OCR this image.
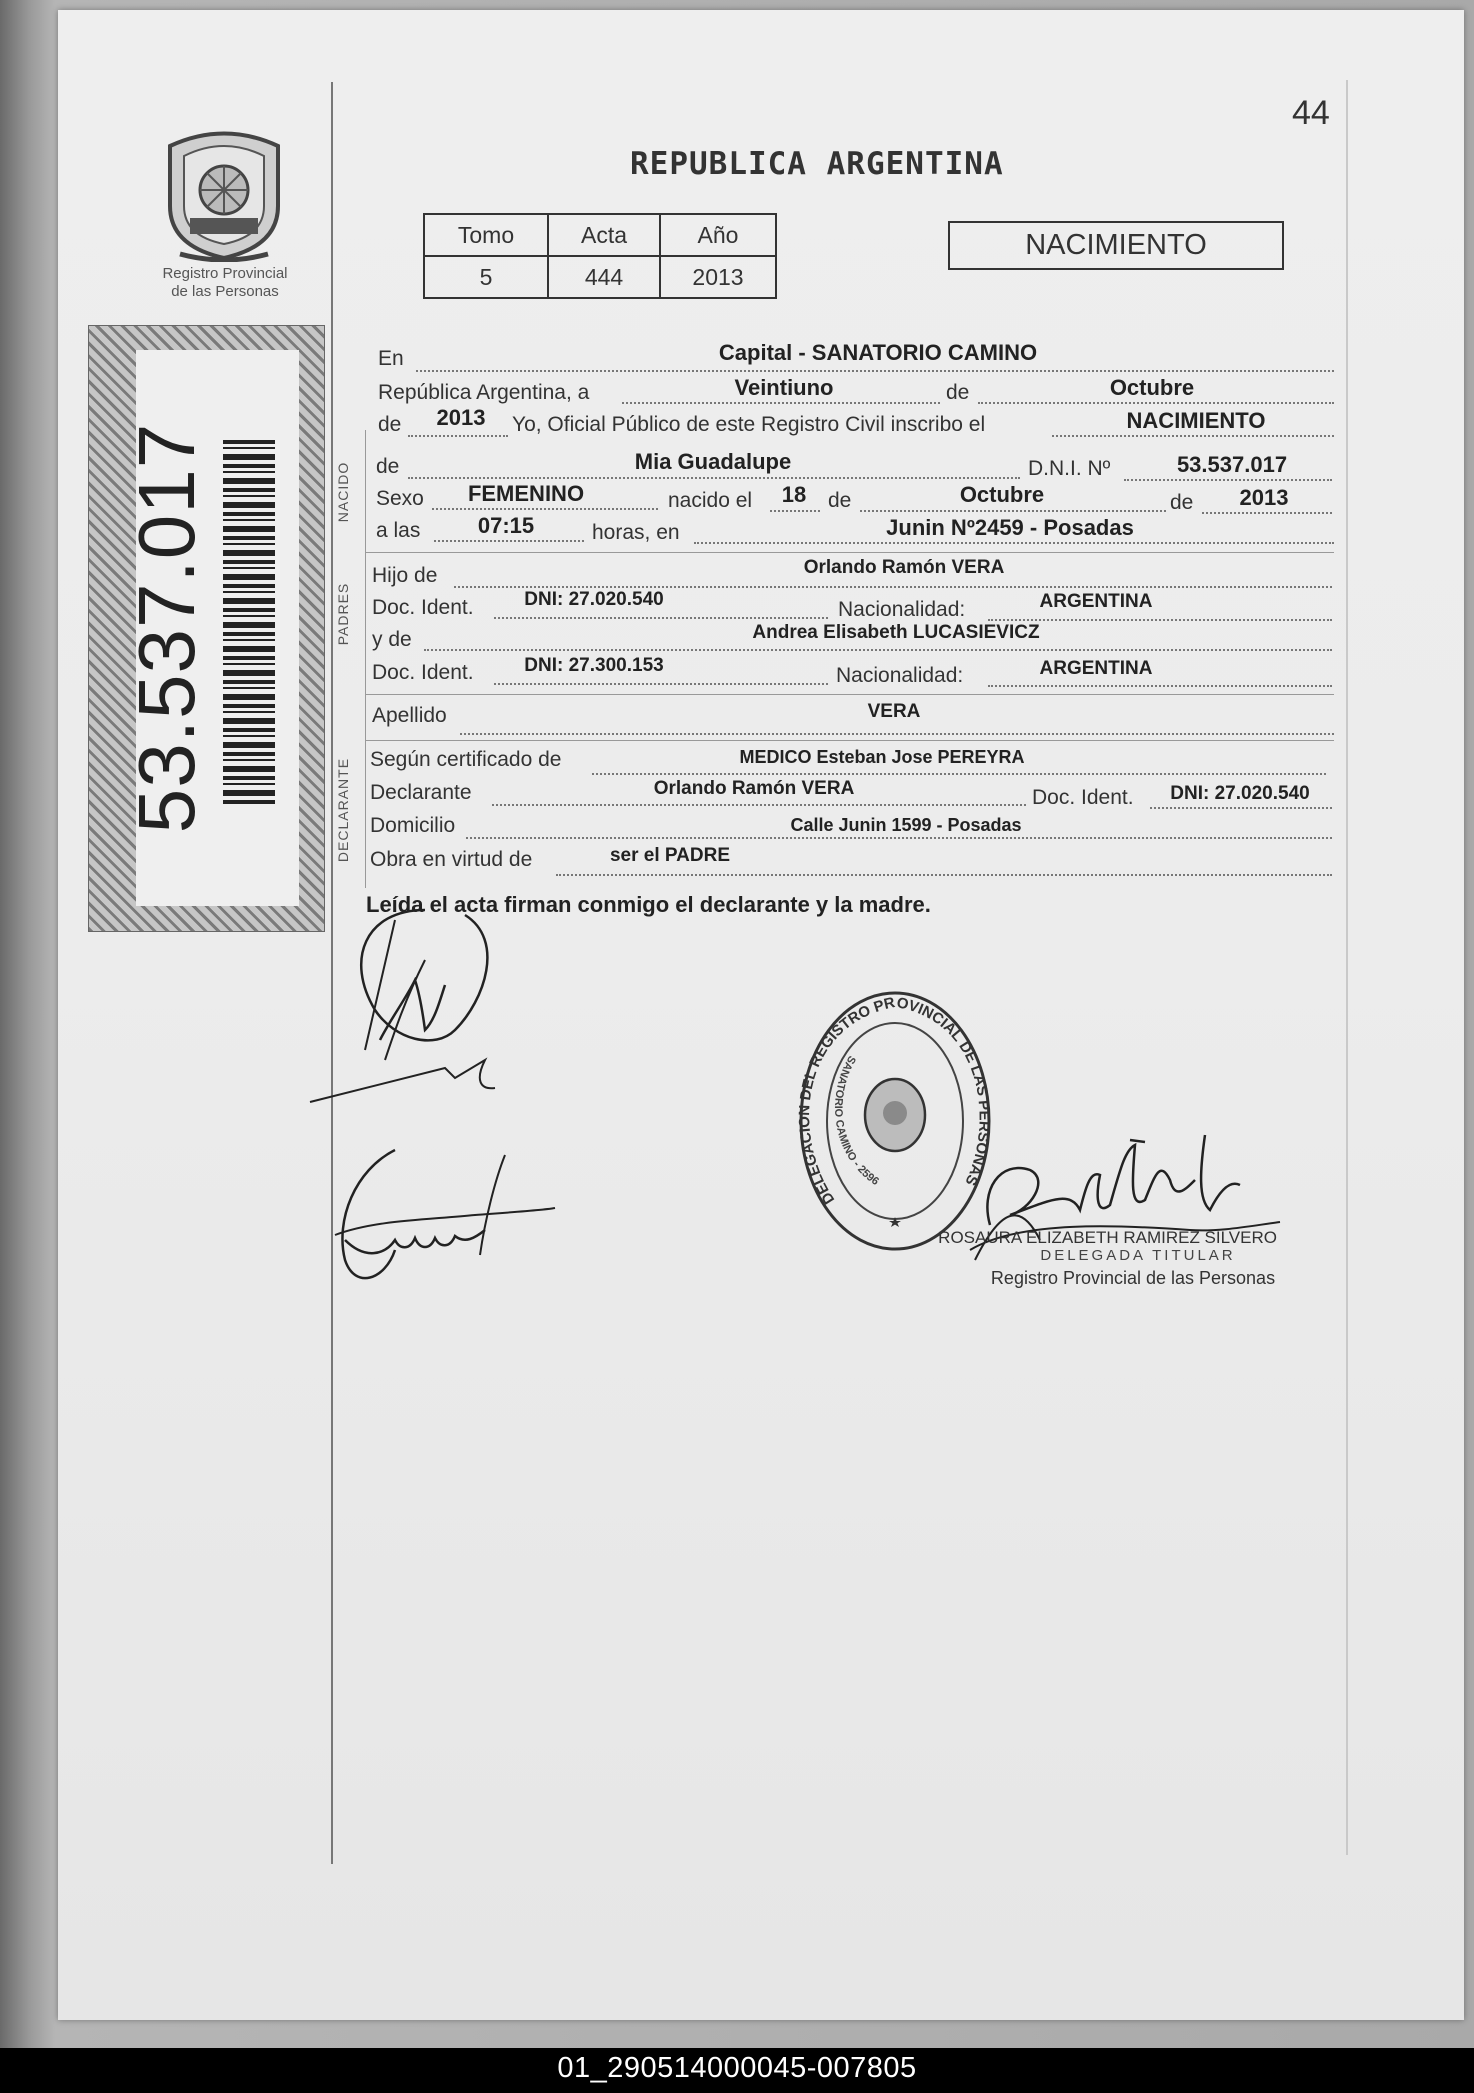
44
REPUBLICA ARGENTINA
Registro Provincial
de las Personas
Tomo	Acta	Año
5	444	2013
NACIMIENTO
53.537.017	NACIDO
PADRES
DECLARANTE
En	Capital - SANATORIO CAMINO
República Argentina, a	Veintiuno	de	Octubre
de 2013 Yo, Oficial Público de este Registro Civil inscribo el	NACIMIENTO
de	Mia Guadalupe	D.N.I. Nº	53.537.017
Sexo FEMENINO	nacido el 18 de	Octubre	de 2013
a las	07:15	horas, en	Junin Nº2459 - Posadas
Hijo de	Orlando Ramón VERA
Doc. Ident.	DNI: 27.020.540	Nacionalidad:	ARGENTINA
y de	Andrea Elisabeth LUCASIEVICZ
Doc. Ident.	DNI: 27.300.153	Nacionalidad:	ARGENTINA
Apellido	VERA
Según certificado de	MEDICO Esteban Jose PEREYRA
Declarante	Orlando Ramón VERA	Doc. Ident. DNI: 27.020.540
Domicilio	Calle Junin 1599 - Posadas
Obra en virtud de	ser el PADRE
Leída el acta firman conmigo el declarante y la madre.
DELEGACION DEL REGISTRO PROVINCIAL DE LAS PERSONAS
SANATORIO CAMINO - 2596
ROSAURA ELIZABETH RAMIREZ SILVERO
DELEGADA TITULAR
Registro Provincial de las Personas
01_290514000045-007805
